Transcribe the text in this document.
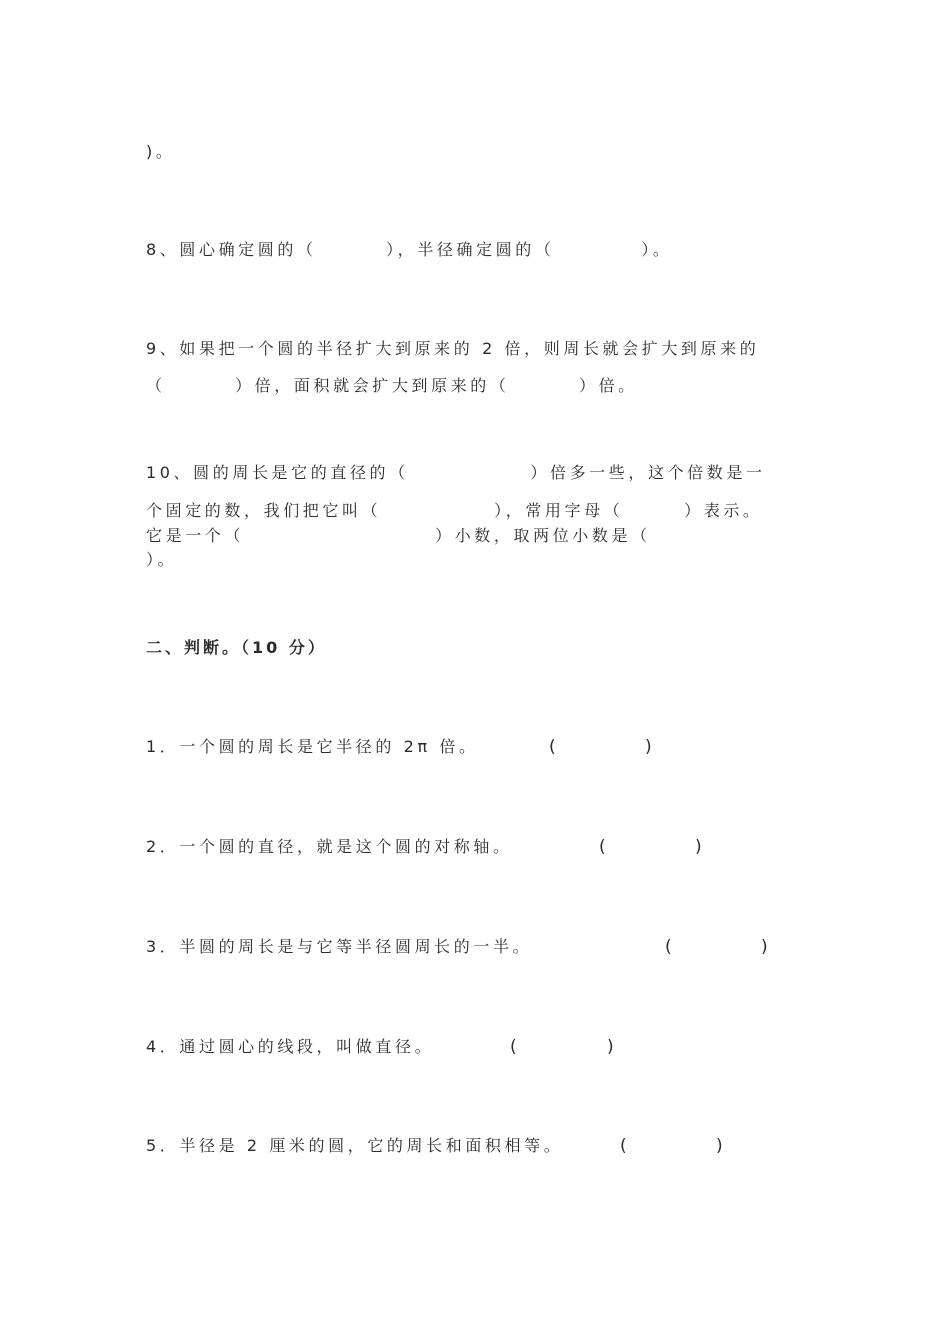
)。
8、圆心确定圆的（        ），半径确定圆的（          ）。
9、如果把一个圆的半径扩大到原来的 2 倍，则周长就会扩大到原来的
（        ）倍，面积就会扩大到原来的（        ）倍。
10、圆的周长是它的直径的（              ）倍多一些，这个倍数是一
个固定的数，我们把它叫（             ），常用字母（       ）表示。
它是一个（                      ）小数，取两位小数是（
）。
二、判断。（10 分）
1．一个圆的周长是它半径的 2π 倍。	(	)
2．一个圆的直径，就是这个圆的对称轴。	(	)
3．半圆的周长是与它等半径圆周长的一半。	(	)
4．通过圆心的线段，叫做直径。	(	)
5．半径是 2 厘米的圆，它的周长和面积相等。	(	)
